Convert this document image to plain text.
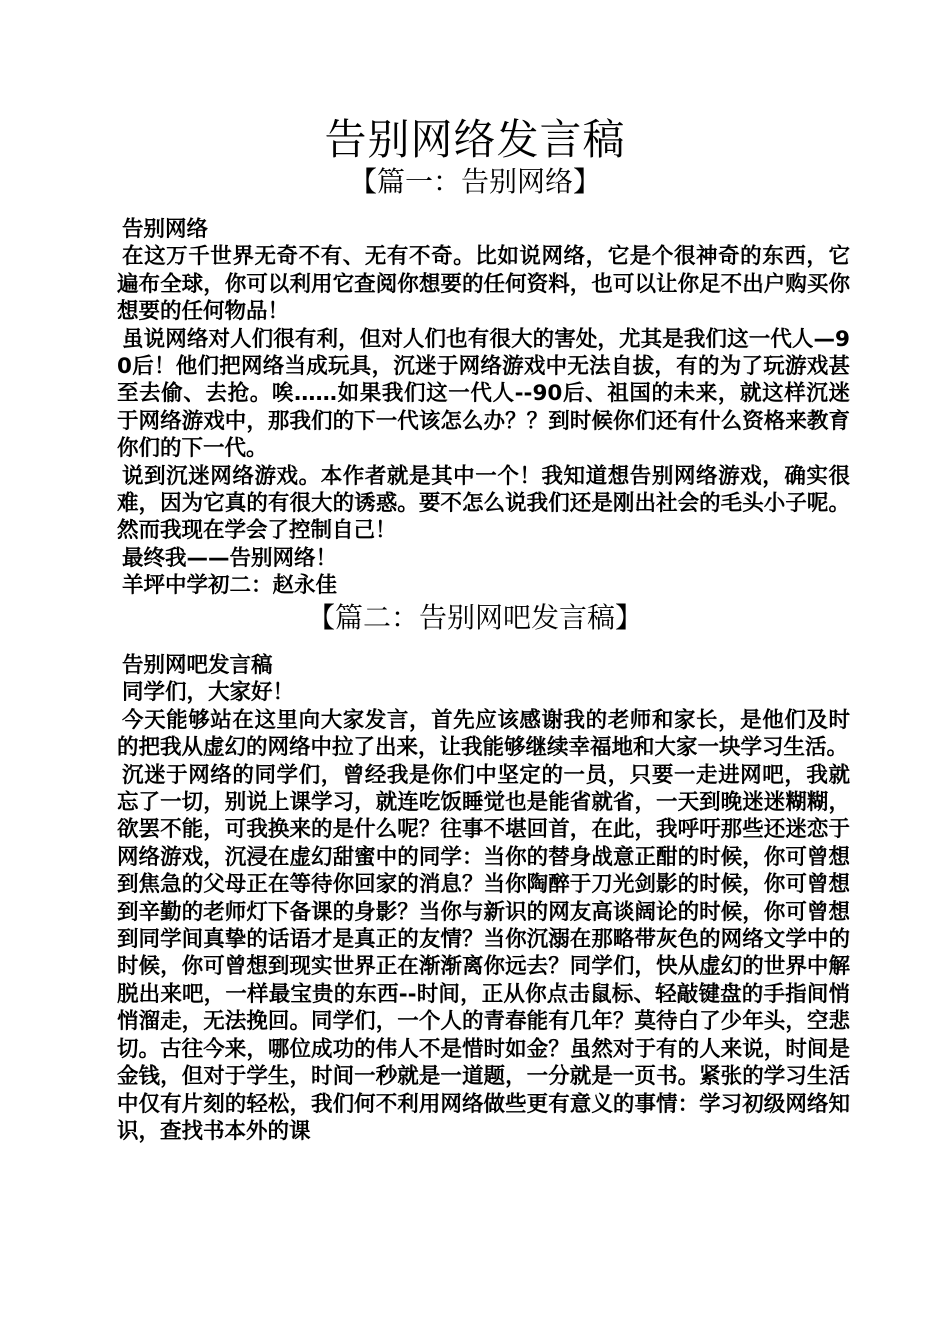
告别网络发言稿
【篇一：告别网络】

告别网络

在这万千世界无奇不有、无有不奇。比如说网络，它是个很神奇的东西，它遍布全球，你可以利用它查阅你想要的任何资料，也可以让你足不出户购买你想要的任何物品！

虽说网络对人们很有利，但对人们也有很大的害处，尤其是我们这一代人—90后！他们把网络当成玩具，沉迷于网络游戏中无法自拔，有的为了玩游戏甚至去偷、去抢。唉……如果我们这一代人--90后、祖国的未来，就这样沉迷于网络游戏中，那我们的下一代该怎么办？？到时候你们还有什么资格来教育你们的下一代。

说到沉迷网络游戏。本作者就是其中一个！我知道想告别网络游戏，确实很难，因为它真的有很大的诱惑。要不怎么说我们还是刚出社会的毛头小子呢。然而我现在学会了控制自己！

最终我——告别网络！

羊坪中学初二：赵永佳

【篇二：告别网吧发言稿】

告别网吧发言稿

同学们，大家好！

今天能够站在这里向大家发言，首先应该感谢我的老师和家长，是他们及时的把我从虚幻的网络中拉了出来，让我能够继续幸福地和大家一块学习生活。

沉迷于网络的同学们，曾经我是你们中坚定的一员，只要一走进网吧，我就忘了一切，别说上课学习，就连吃饭睡觉也是能省就省，一天到晚迷迷糊糊，欲罢不能，可我换来的是什么呢？往事不堪回首，在此，我呼吁那些还迷恋于网络游戏，沉浸在虚幻甜蜜中的同学：当你的替身战意正酣的时候，你可曾想到焦急的父母正在等待你回家的消息？当你陶醉于刀光剑影的时候，你可曾想到辛勤的老师灯下备课的身影？当你与新识的网友高谈阔论的时候，你可曾想到同学间真挚的话语才是真正的友情？当你沉溺在那略带灰色的网络文学中的时候，你可曾想到现实世界正在渐渐离你远去？同学们，快从虚幻的世界中解脱出来吧，一样最宝贵的东西--时间，正从你点击鼠标、轻敲键盘的手指间悄悄溜走，无法挽回。同学们，一个人的青春能有几年？莫待白了少年头，空悲切。古往今来，哪位成功的伟人不是惜时如金？虽然对于有的人来说，时间是金钱，但对于学生，时间一秒就是一道题，一分就是一页书。紧张的学习生活中仅有片刻的轻松，我们何不利用网络做些更有意义的事情：学习初级网络知识，查找书本外的课
